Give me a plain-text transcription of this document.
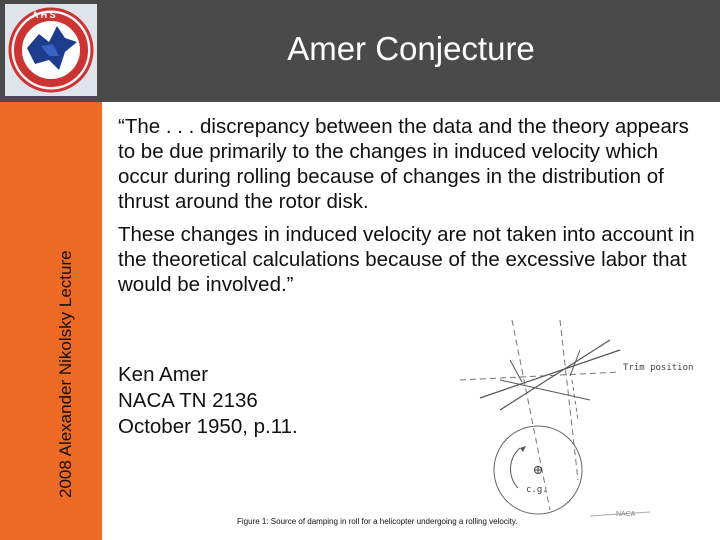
A H S
2008 Alexander Nikolsky Lecture
Amer Conjecture

“The . . . discrepancy between the data and the theory appears to be due primarily to the changes in induced velocity which occur during rolling because of changes in the distribution of thrust around the rotor disk.

These changes in induced velocity are not taken into account in the theoretical calculations because of the excessive labor that would be involved.”

Ken Amer
NACA TN 2136
October 1950, p.11.
Trim position
c.g.
NACA
Figure 1: Source of damping in roll for a helicopter undergoing a rolling velocity.
